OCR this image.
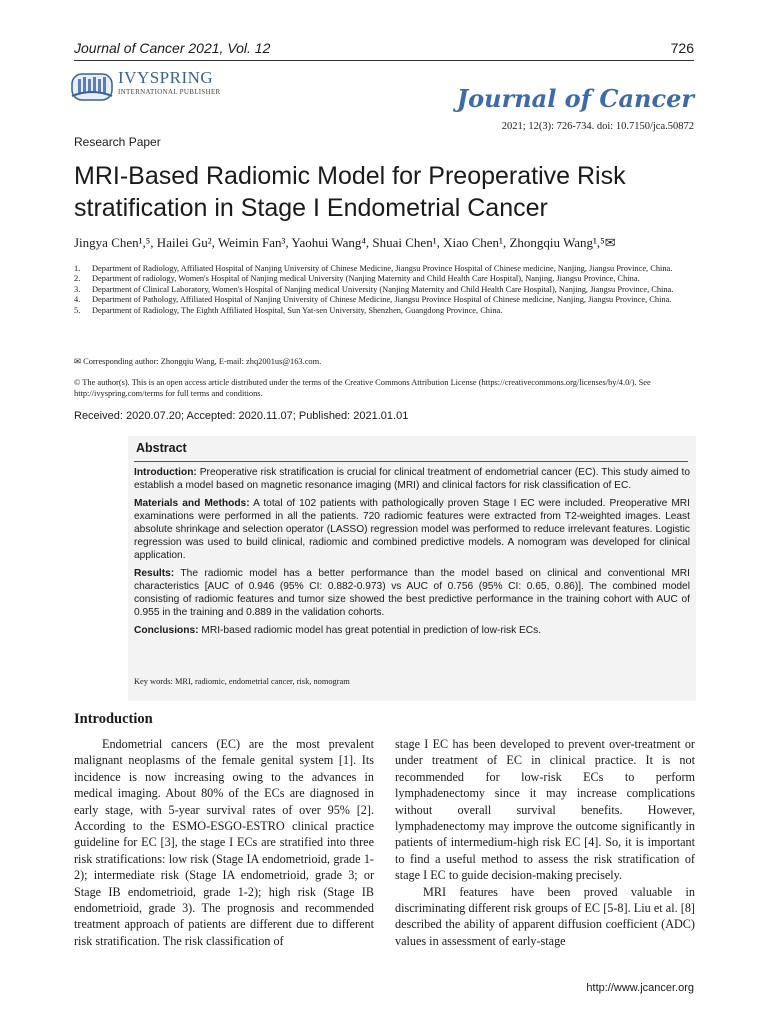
Journal of Cancer 2021, Vol. 12	726
IVYSPRING
INTERNATIONAL PUBLISHER	Journal of Cancer
2021; 12(3): 726-734. doi: 10.7150/jca.50872
Research Paper
MRI-Based Radiomic Model for Preoperative Risk stratification in Stage I Endometrial Cancer
Jingya Chen¹,⁵, Hailei Gu², Weimin Fan³, Yaohui Wang⁴, Shuai Chen¹, Xiao Chen¹, Zhongqiu Wang¹,⁵✉
1.	Department of Radiology, Affiliated Hospital of Nanjing University of Chinese Medicine, Jiangsu Province Hospital of Chinese medicine, Nanjing, Jiangsu Province, China.
2.	Department of radiology, Women's Hospital of Nanjing medical University (Nanjing Maternity and Child Health Care Hospital), Nanjing, Jiangsu Province, China.
3.	Department of Clinical Laboratory, Women's Hospital of Nanjing medical University (Nanjing Maternity and Child Health Care Hospital), Nanjing, Jiangsu Province, China.
4.	Department of Pathology, Affiliated Hospital of Nanjing University of Chinese Medicine, Jiangsu Province Hospital of Chinese medicine, Nanjing, Jiangsu Province, China.
5.	Department of Radiology, The Eighth Affiliated Hospital, Sun Yat-sen University, Shenzhen, Guangdong Province, China.
✉ Corresponding author: Zhongqiu Wang, E-mail: zhq2001us@163.com.
© The author(s). This is an open access article distributed under the terms of the Creative Commons Attribution License (https://creativecommons.org/licenses/by/4.0/). See http://ivyspring.com/terms for full terms and conditions.
Received: 2020.07.20; Accepted: 2020.11.07; Published: 2021.01.01
Abstract

Introduction: Preoperative risk stratification is crucial for clinical treatment of endometrial cancer (EC). This study aimed to establish a model based on magnetic resonance imaging (MRI) and clinical factors for risk classification of EC.

Materials and Methods: A total of 102 patients with pathologically proven Stage I EC were included. Preoperative MRI examinations were performed in all the patients. 720 radiomic features were extracted from T2-weighted images. Least absolute shrinkage and selection operator (LASSO) regression model was performed to reduce irrelevant features. Logistic regression was used to build clinical, radiomic and combined predictive models. A nomogram was developed for clinical application.

Results: The radiomic model has a better performance than the model based on clinical and conventional MRI characteristics [AUC of 0.946 (95% CI: 0.882-0.973) vs AUC of 0.756 (95% CI: 0.65, 0.86)]. The combined model consisting of radiomic features and tumor size showed the best predictive performance in the training cohort with AUC of 0.955 in the training and 0.889 in the validation cohorts.

Conclusions: MRI-based radiomic model has great potential in prediction of low-risk ECs.

Key words: MRI, radiomic, endometrial cancer, risk, nomogram
Introduction

Endometrial cancers (EC) are the most prevalent malignant neoplasms of the female genital system [1]. Its incidence is now increasing owing to the advances in medical imaging. About 80% of the ECs are diagnosed in early stage, with 5-year survival rates of over 95% [2]. According to the ESMO-ESGO-ESTRO clinical practice guideline for EC [3], the stage I ECs are stratified into three risk stratifications: low risk (Stage IA endometrioid, grade 1-2); intermediate risk (Stage IA endometrioid, grade 3; or Stage IB endometrioid, grade 1-2); high risk (Stage IB endometrioid, grade 3). The prognosis and recommended treatment approach of patients are different due to different risk stratification. The risk classification of

stage I EC has been developed to prevent over-treatment or under treatment of EC in clinical practice. It is not recommended for low-risk ECs to perform lymphadenectomy since it may increase complications without overall survival benefits. However, lymphadenectomy may improve the outcome significantly in patients of intermedium-high risk EC [4]. So, it is important to find a useful method to assess the risk stratification of stage I EC to guide decision-making precisely.

MRI features have been proved valuable in discriminating different risk groups of EC [5-8]. Liu et al. [8] described the ability of apparent diffusion coefficient (ADC) values in assessment of early-stage

http://www.jcancer.org
